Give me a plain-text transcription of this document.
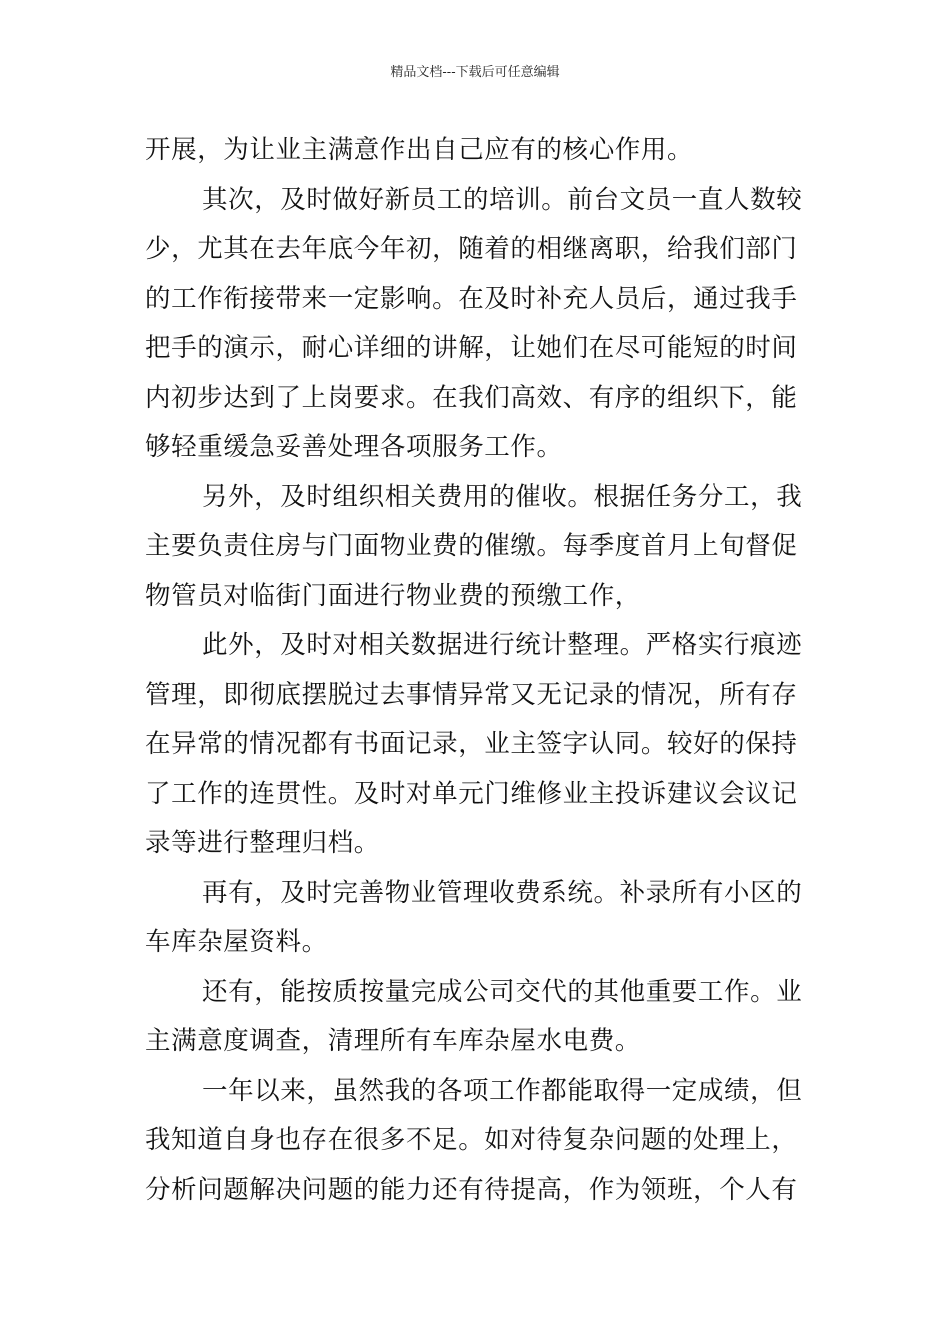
精品文档---下载后可任意编辑
开展，为让业主满意作出自己应有的核心作用。
其次，及时做好新员工的培训。前台文员一直人数较
少，尤其在去年底今年初，随着的相继离职，给我们部门
的工作衔接带来一定影响。在及时补充人员后，通过我手
把手的演示，耐心详细的讲解，让她们在尽可能短的时间
内初步达到了上岗要求。在我们高效、有序的组织下，能
够轻重缓急妥善处理各项服务工作。
另外，及时组织相关费用的催收。根据任务分工，我
主要负责住房与门面物业费的催缴。每季度首月上旬督促
物管员对临街门面进行物业费的预缴工作，
此外，及时对相关数据进行统计整理。严格实行痕迹
管理，即彻底摆脱过去事情异常又无记录的情况，所有存
在异常的情况都有书面记录，业主签字认同。较好的保持
了工作的连贯性。及时对单元门维修业主投诉建议会议记
录等进行整理归档。
再有，及时完善物业管理收费系统。补录所有小区的
车库杂屋资料。
还有，能按质按量完成公司交代的其他重要工作。业
主满意度调查，清理所有车库杂屋水电费。
一年以来，虽然我的各项工作都能取得一定成绩，但
我知道自身也存在很多不足。如对待复杂问题的处理上，
分析问题解决问题的能力还有待提高，作为领班，个人有
